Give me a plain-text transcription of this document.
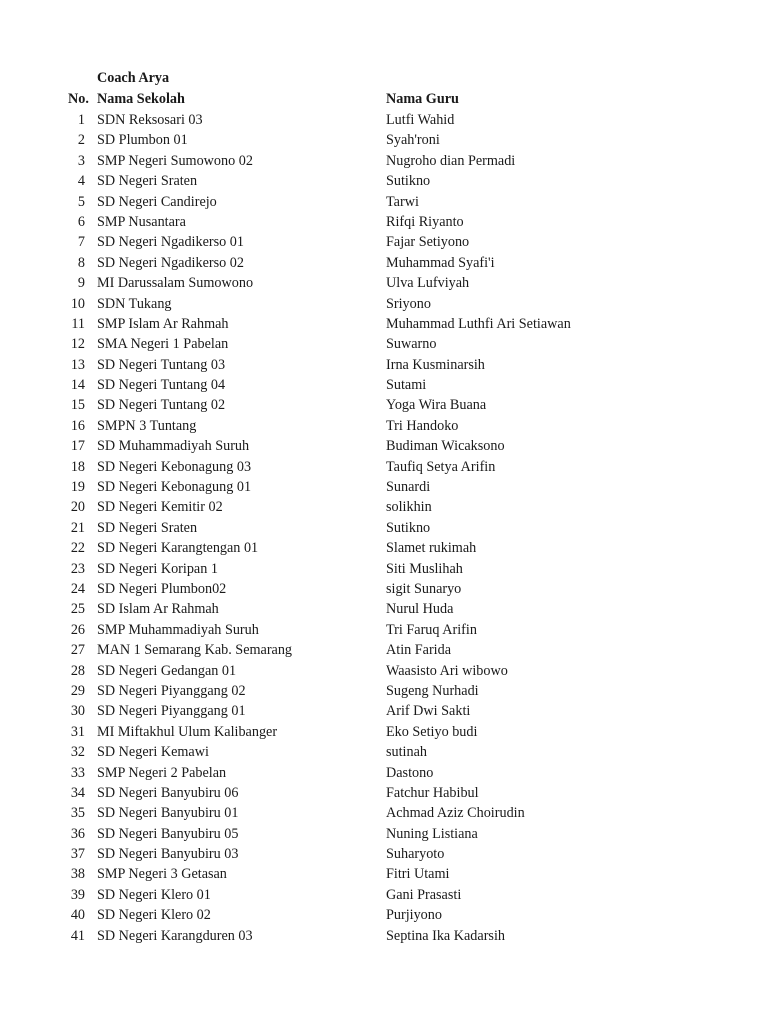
Coach Arya
No. Nama Sekolah	Nama Guru
1 SDN Reksosari 03	Lutfi Wahid
2 SD Plumbon 01	Syah'roni
3 SMP Negeri Sumowono 02	Nugroho dian Permadi
4 SD Negeri Sraten	Sutikno
5 SD Negeri Candirejo	Tarwi
6 SMP Nusantara	Rifqi Riyanto
7 SD Negeri Ngadikerso 01	Fajar Setiyono
8 SD Negeri Ngadikerso 02	Muhammad Syafi'i
9 MI Darussalam Sumowono	Ulva Lufviyah
10 SDN Tukang	Sriyono
11 SMP Islam Ar Rahmah	Muhammad Luthfi Ari Setiawan
12 SMA Negeri 1 Pabelan	Suwarno
13 SD Negeri Tuntang 03	Irna Kusminarsih
14 SD Negeri Tuntang 04	Sutami
15 SD Negeri Tuntang 02	Yoga Wira Buana
16 SMPN 3 Tuntang	Tri Handoko
17 SD Muhammadiyah Suruh	Budiman Wicaksono
18 SD Negeri Kebonagung 03	Taufiq Setya Arifin
19 SD Negeri Kebonagung 01	Sunardi
20 SD Negeri Kemitir 02	solikhin
21 SD Negeri Sraten	Sutikno
22 SD Negeri Karangtengan 01	Slamet rukimah
23 SD Negeri Koripan 1	Siti Muslihah
24 SD Negeri Plumbon02	sigit Sunaryo
25 SD Islam Ar Rahmah	Nurul Huda
26 SMP Muhammadiyah Suruh	Tri Faruq Arifin
27 MAN 1 Semarang Kab. Semarang	Atin Farida
28 SD Negeri Gedangan 01	Waasisto Ari wibowo
29 SD Negeri Piyanggang 02	Sugeng Nurhadi
30 SD Negeri Piyanggang 01	Arif Dwi Sakti
31 MI Miftakhul Ulum Kalibanger	Eko Setiyo budi
32 SD Negeri Kemawi	sutinah
33 SMP Negeri 2 Pabelan	Dastono
34 SD Negeri Banyubiru 06	Fatchur Habibul
35 SD Negeri Banyubiru 01	Achmad Aziz Choirudin
36 SD Negeri Banyubiru 05	Nuning Listiana
37 SD Negeri Banyubiru 03	Suharyoto
38 SMP Negeri 3 Getasan	Fitri Utami
39 SD Negeri Klero 01	Gani Prasasti
40 SD Negeri Klero 02	Purjiyono
41 SD Negeri Karangduren 03	Septina Ika Kadarsih
